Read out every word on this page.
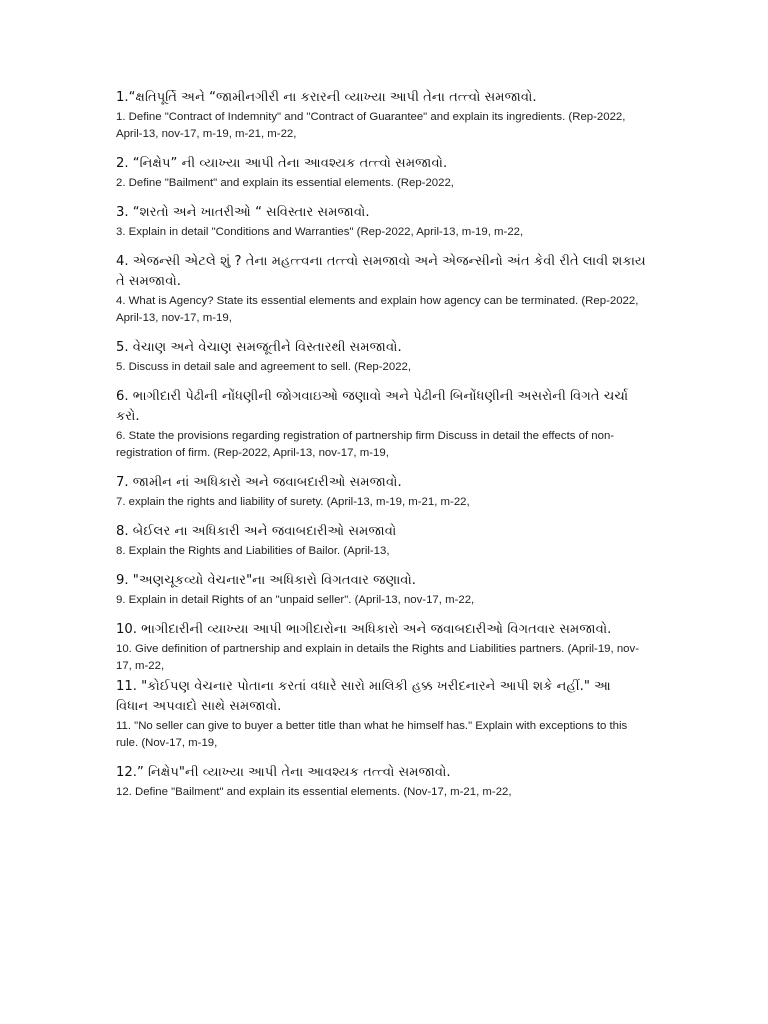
1.“ક્ષતિપૂર્તિ અને “જામીનગીરી ના કરારની વ્યાખ્યા આપી તેના તત્ત્વો સમજાવો.

1. Define "Contract of Indemnity" and "Contract of Guarantee" and explain its ingredients. (Rep-2022, April-13, nov-17, m-19, m-21, m-22,

2. “નિક્ષેપ” ની વ્યાખ્યા આપી તેના આવશ્યક તત્ત્વો સમજાવો.

2. Define "Bailment" and explain its essential elements. (Rep-2022,

3. “શરતો અને ખાતરીઓ “ સવિસ્તાર સમજાવો.

3. Explain in detail "Conditions and Warranties" (Rep-2022, April-13, m-19, m-22,

4. એજન્સી એટલે શું ? તેના મહત્ત્વના તત્ત્વો સમજાવો અને એજન્સીનો અંત કેવી રીતે લાવી શકાય તે સમજાવો.

4. What is Agency? State its essential elements and explain how agency can be terminated. (Rep-2022, April-13, nov-17, m-19,

5. વેચાણ અને વેચાણ સમજૂતીને વિસ્તારથી સમજાવો.

5. Discuss in detail sale and agreement to sell. (Rep-2022,

6. ભાગીદારી પેઢીની નોંધણીની જોગવાઇઓ જણાવો અને પેઢીની બિનોંધણીની અસરોની વિગતે ચર્ચા કરો.

6. State the provisions regarding registration of partnership firm Discuss in detail the effects of non-registration of firm. (Rep-2022, April-13, nov-17, m-19,

7. જામીન નાં અધિકારો અને જવાબદારીઓ સમજાવો.

7. explain the rights and liability of surety. (April-13, m-19, m-21, m-22,

8. બેઈલર ના અધિકારી અને જવાબદારીઓ સમજાવો

8. Explain the Rights and Liabilities of Bailor. (April-13,

9. "અણચૂકવ્યો વેચનાર"ના અધિકારો વિગતવાર જણાવો.

9. Explain in detail Rights of an "unpaid seller". (April-13, nov-17, m-22,

10. ભાગીદારીની વ્યાખ્યા આપી ભાગીદારોના અધિકારો અને જવાબદારીઓ વિગતવાર સમજાવો.

10. Give definition of partnership and explain in details the Rights and Liabilities partners. (April-19, nov-17, m-22,

11. "કોઈપણ વેચનાર પોતાના કરતાં વધારે સારો માલિકી હક્ક ખરીદનારને આપી શકે નહીં." આ વિધાન અપવાદો સાથે સમજાવો.

11. "No seller can give to buyer a better title than what he himself has." Explain with exceptions to this rule. (Nov-17, m-19,

12.” નિક્ષેપ"ની વ્યાખ્યા આપી તેના આવશ્યક તત્ત્વો સમજાવો.

12. Define "Bailment" and explain its essential elements. (Nov-17, m-21, m-22,
